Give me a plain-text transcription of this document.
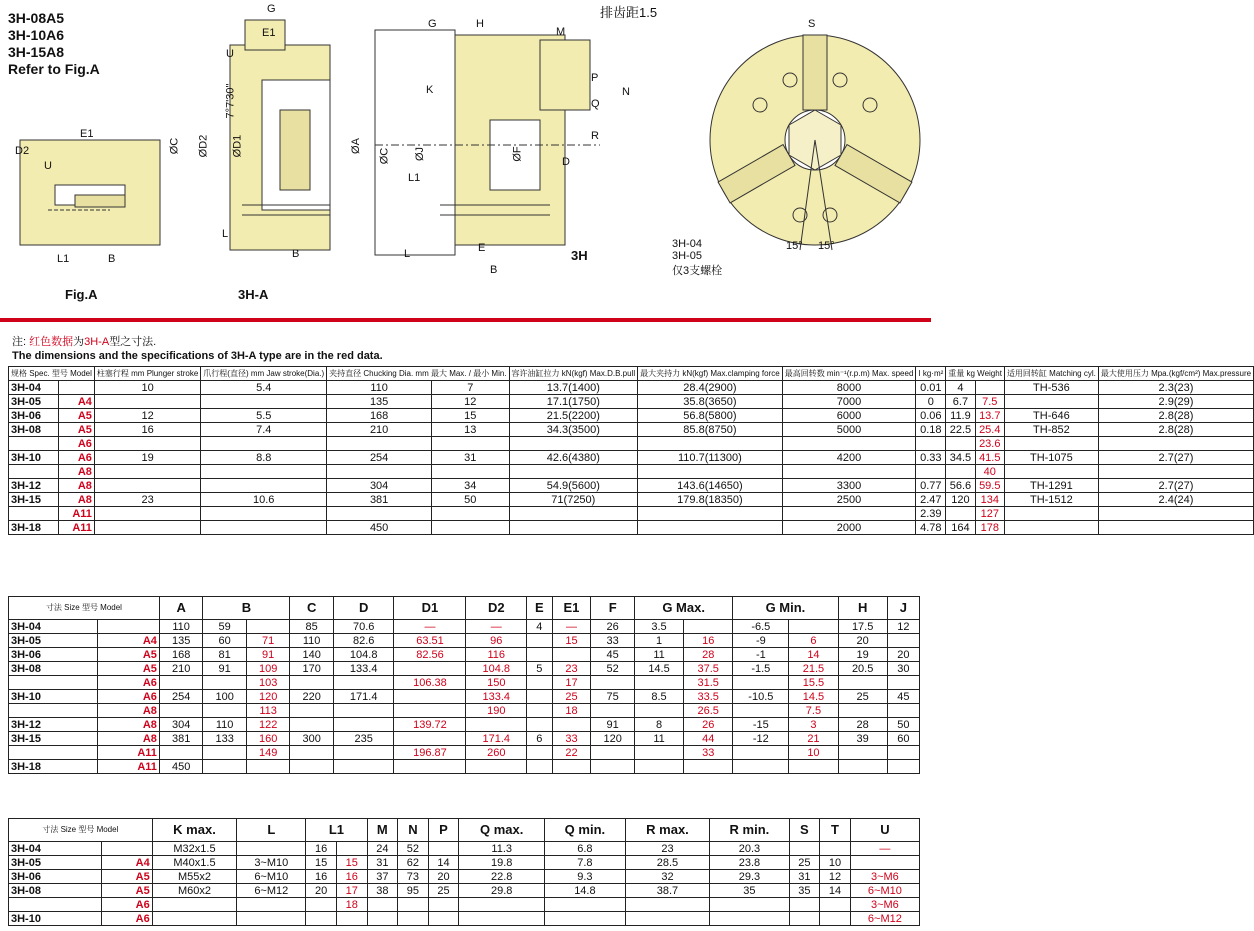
3H-08A5
3H-10A6
3H-15A8
Refer to Fig.A
D2
E1
U
L1	B
Fig.A
G
E1
U
7°7'30"
ØC ØD2 ØD1
L
B
3H-A
G	H
M
K
ØA
ØC ØJ	ØF
Q
P
N
R
D
L1
L	E
B
排齿距1.5
3H
S
15° 15°
3H-04
3H-05
仅3支螺栓
注: 红色数据为3H-A型之寸法.
The dimensions and the specifications of 3H-A type are in the red data.
规格 Spec. 型号 Model		柱塞行程 mm Plunger stroke	爪行程(直径) mm Jaw stroke(Dia.)	夹持直径 Chucking Dia. mm 最大 Max. / 最小 Min.		容许油缸拉力 kN(kgf) Max.D.B.pull	最大夹持力 kN(kgf) Max.clamping force	最高回转数 min⁻¹(r.p.m) Max. speed	I kg·m²	重量 kg Weight		适用回转缸 Matching cyl.	最大使用压力 Mpa.(kgf/cm²) Max.pressure
3H-04		10	5.4	110	7	13.7(1400)	28.4(2900)	8000	0.01	4		TH-536	2.3(23)
3H-05	A4			135	12	17.1(1750)	35.8(3650)	7000	0	6.7	7.5		2.9(29)
3H-06	A5	12	5.5	168	15	21.5(2200)	56.8(5800)	6000	0.06	11.9	13.7	TH-646	2.8(28)
3H-08	A5	16	7.4	210	13	34.3(3500)	85.8(8750)	5000	0.18	22.5	25.4	TH-852	2.8(28)
	A6										23.6		
3H-10	A6	19	8.8	254	31	42.6(4380)	110.7(11300)	4200	0.33	34.5	41.5	TH-1075	2.7(27)
	A8										40		
3H-12	A8			304	34	54.9(5600)	143.6(14650)	3300	0.77	56.6	59.5	TH-1291	2.7(27)
3H-15	A8	23	10.6	381	50	71(7250)	179.8(18350)	2500	2.47	120	134	TH-1512	2.4(24)
	A11								2.39		127		
3H-18	A11			450				2000	4.78	164	178		
寸法 Size 型号 Model		A	B		C	D	D1	D2	E	E1	F	G Max.		G Min.		H	J
3H-04		110	59		85	70.6	—	—	4	—	26	3.5		-6.5		17.5	12
3H-05	A4	135	60	71	110	82.6	63.51	96		15	33	1	16	-9	6	20	
3H-06	A5	168	81	91	140	104.8	82.56	116			45	11	28	-1	14	19	20
3H-08	A5	210	91	109	170	133.4		104.8	5	23	52	14.5	37.5	-1.5	21.5	20.5	30
	A6			103			106.38	150		17			31.5		15.5		
3H-10	A6	254	100	120	220	171.4		133.4		25	75	8.5	33.5	-10.5	14.5	25	45
	A8			113				190		18			26.5		7.5		
3H-12	A8	304	110	122			139.72				91	8	26	-15	3	28	50
3H-15	A8	381	133	160	300	235		171.4	6	33	120	11	44	-12	21	39	60
	A11			149			196.87	260		22			33		10		
3H-18	A11	450															
寸法 Size 型号 Model		K max.	L	L1		M	N	P	Q max.	Q min.	R max.	R min.	S	T	U
3H-04		M32x1.5		16		24	52		11.3	6.8	23	20.3			—
3H-05	A4	M40x1.5	3~M10	15	15	31	62	14	19.8	7.8	28.5	23.8	25	10	
3H-06	A5	M55x2	6~M10	16	16	37	73	20	22.8	9.3	32	29.3	31	12	3~M6
3H-08	A5	M60x2	6~M12	20	17	38	95	25	29.8	14.8	38.7	35	35	14	6~M10
	A6				18										3~M6
3H-10	A6														6~M12
